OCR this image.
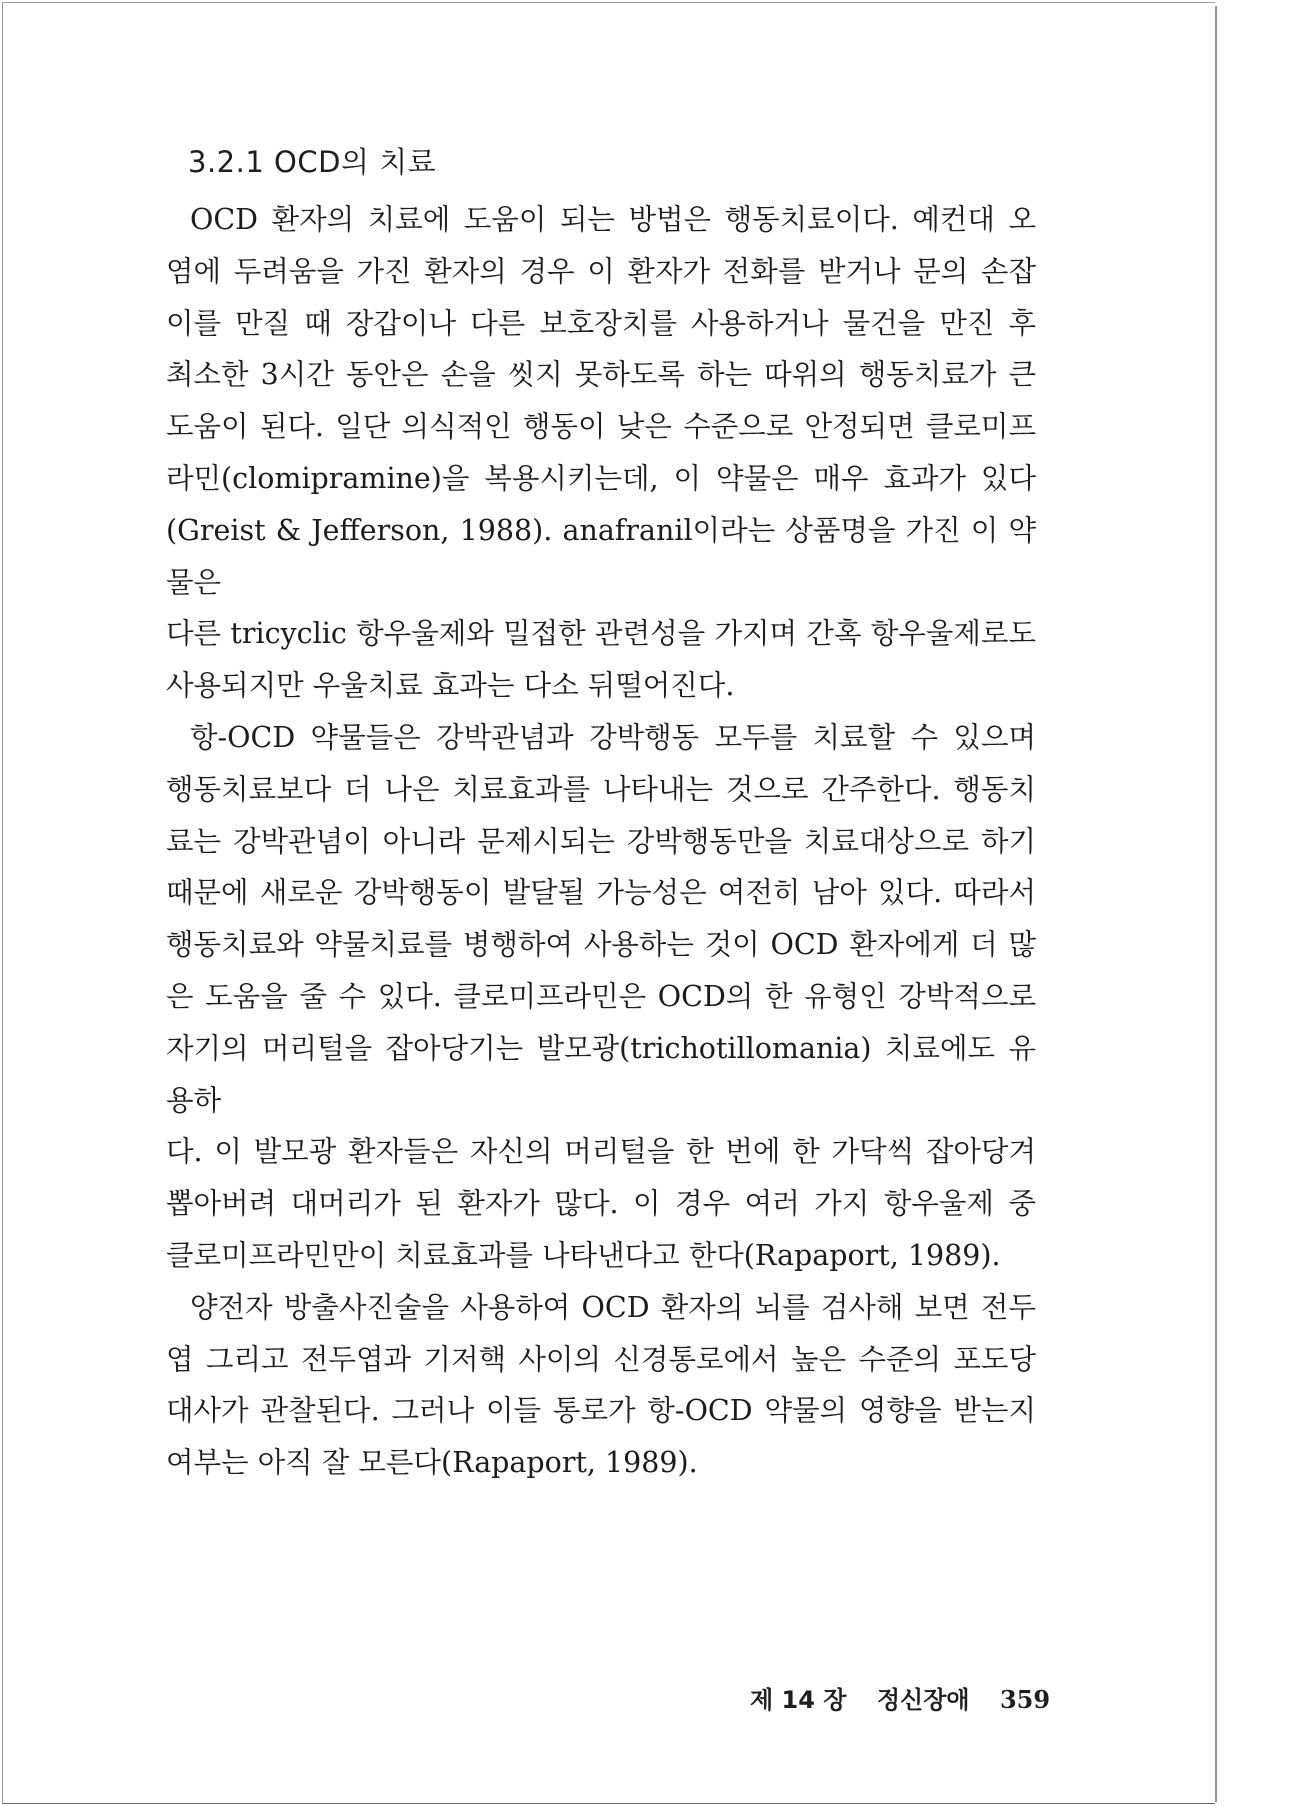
3.2.1 OCD의 치료

OCD 환자의 치료에 도움이 되는 방법은 행동치료이다. 예컨대 오

염에 두려움을 가진 환자의 경우 이 환자가 전화를 받거나 문의 손잡

이를 만질 때 장갑이나 다른 보호장치를 사용하거나 물건을 만진 후

최소한 3시간 동안은 손을 씻지 못하도록 하는 따위의 행동치료가 큰

도움이 된다. 일단 의식적인 행동이 낮은 수준으로 안정되면 클로미프

라민(clomipramine)을 복용시키는데, 이 약물은 매우 효과가 있다

(Greist & Jefferson, 1988). anafranil이라는 상품명을 가진 이 약물은

다른 tricyclic 항우울제와 밀접한 관련성을 가지며 간혹 항우울제로도

사용되지만 우울치료 효과는 다소 뒤떨어진다.

항-OCD 약물들은 강박관념과 강박행동 모두를 치료할 수 있으며

행동치료보다 더 나은 치료효과를 나타내는 것으로 간주한다. 행동치

료는 강박관념이 아니라 문제시되는 강박행동만을 치료대상으로 하기

때문에 새로운 강박행동이 발달될 가능성은 여전히 남아 있다. 따라서

행동치료와 약물치료를 병행하여 사용하는 것이 OCD 환자에게 더 많

은 도움을 줄 수 있다. 클로미프라민은 OCD의 한 유형인 강박적으로

자기의 머리털을 잡아당기는 발모광(trichotillomania) 치료에도 유용하

다. 이 발모광 환자들은 자신의 머리털을 한 번에 한 가닥씩 잡아당겨

뽑아버려 대머리가 된 환자가 많다. 이 경우 여러 가지 항우울제 중

클로미프라민만이 치료효과를 나타낸다고 한다(Rapaport, 1989).

양전자 방출사진술을 사용하여 OCD 환자의 뇌를 검사해 보면 전두

엽 그리고 전두엽과 기저핵 사이의 신경통로에서 높은 수준의 포도당

대사가 관찰된다. 그러나 이들 통로가 항-OCD 약물의 영향을 받는지

여부는 아직 잘 모른다(Rapaport, 1989).

제 14 장 정신장애 359
